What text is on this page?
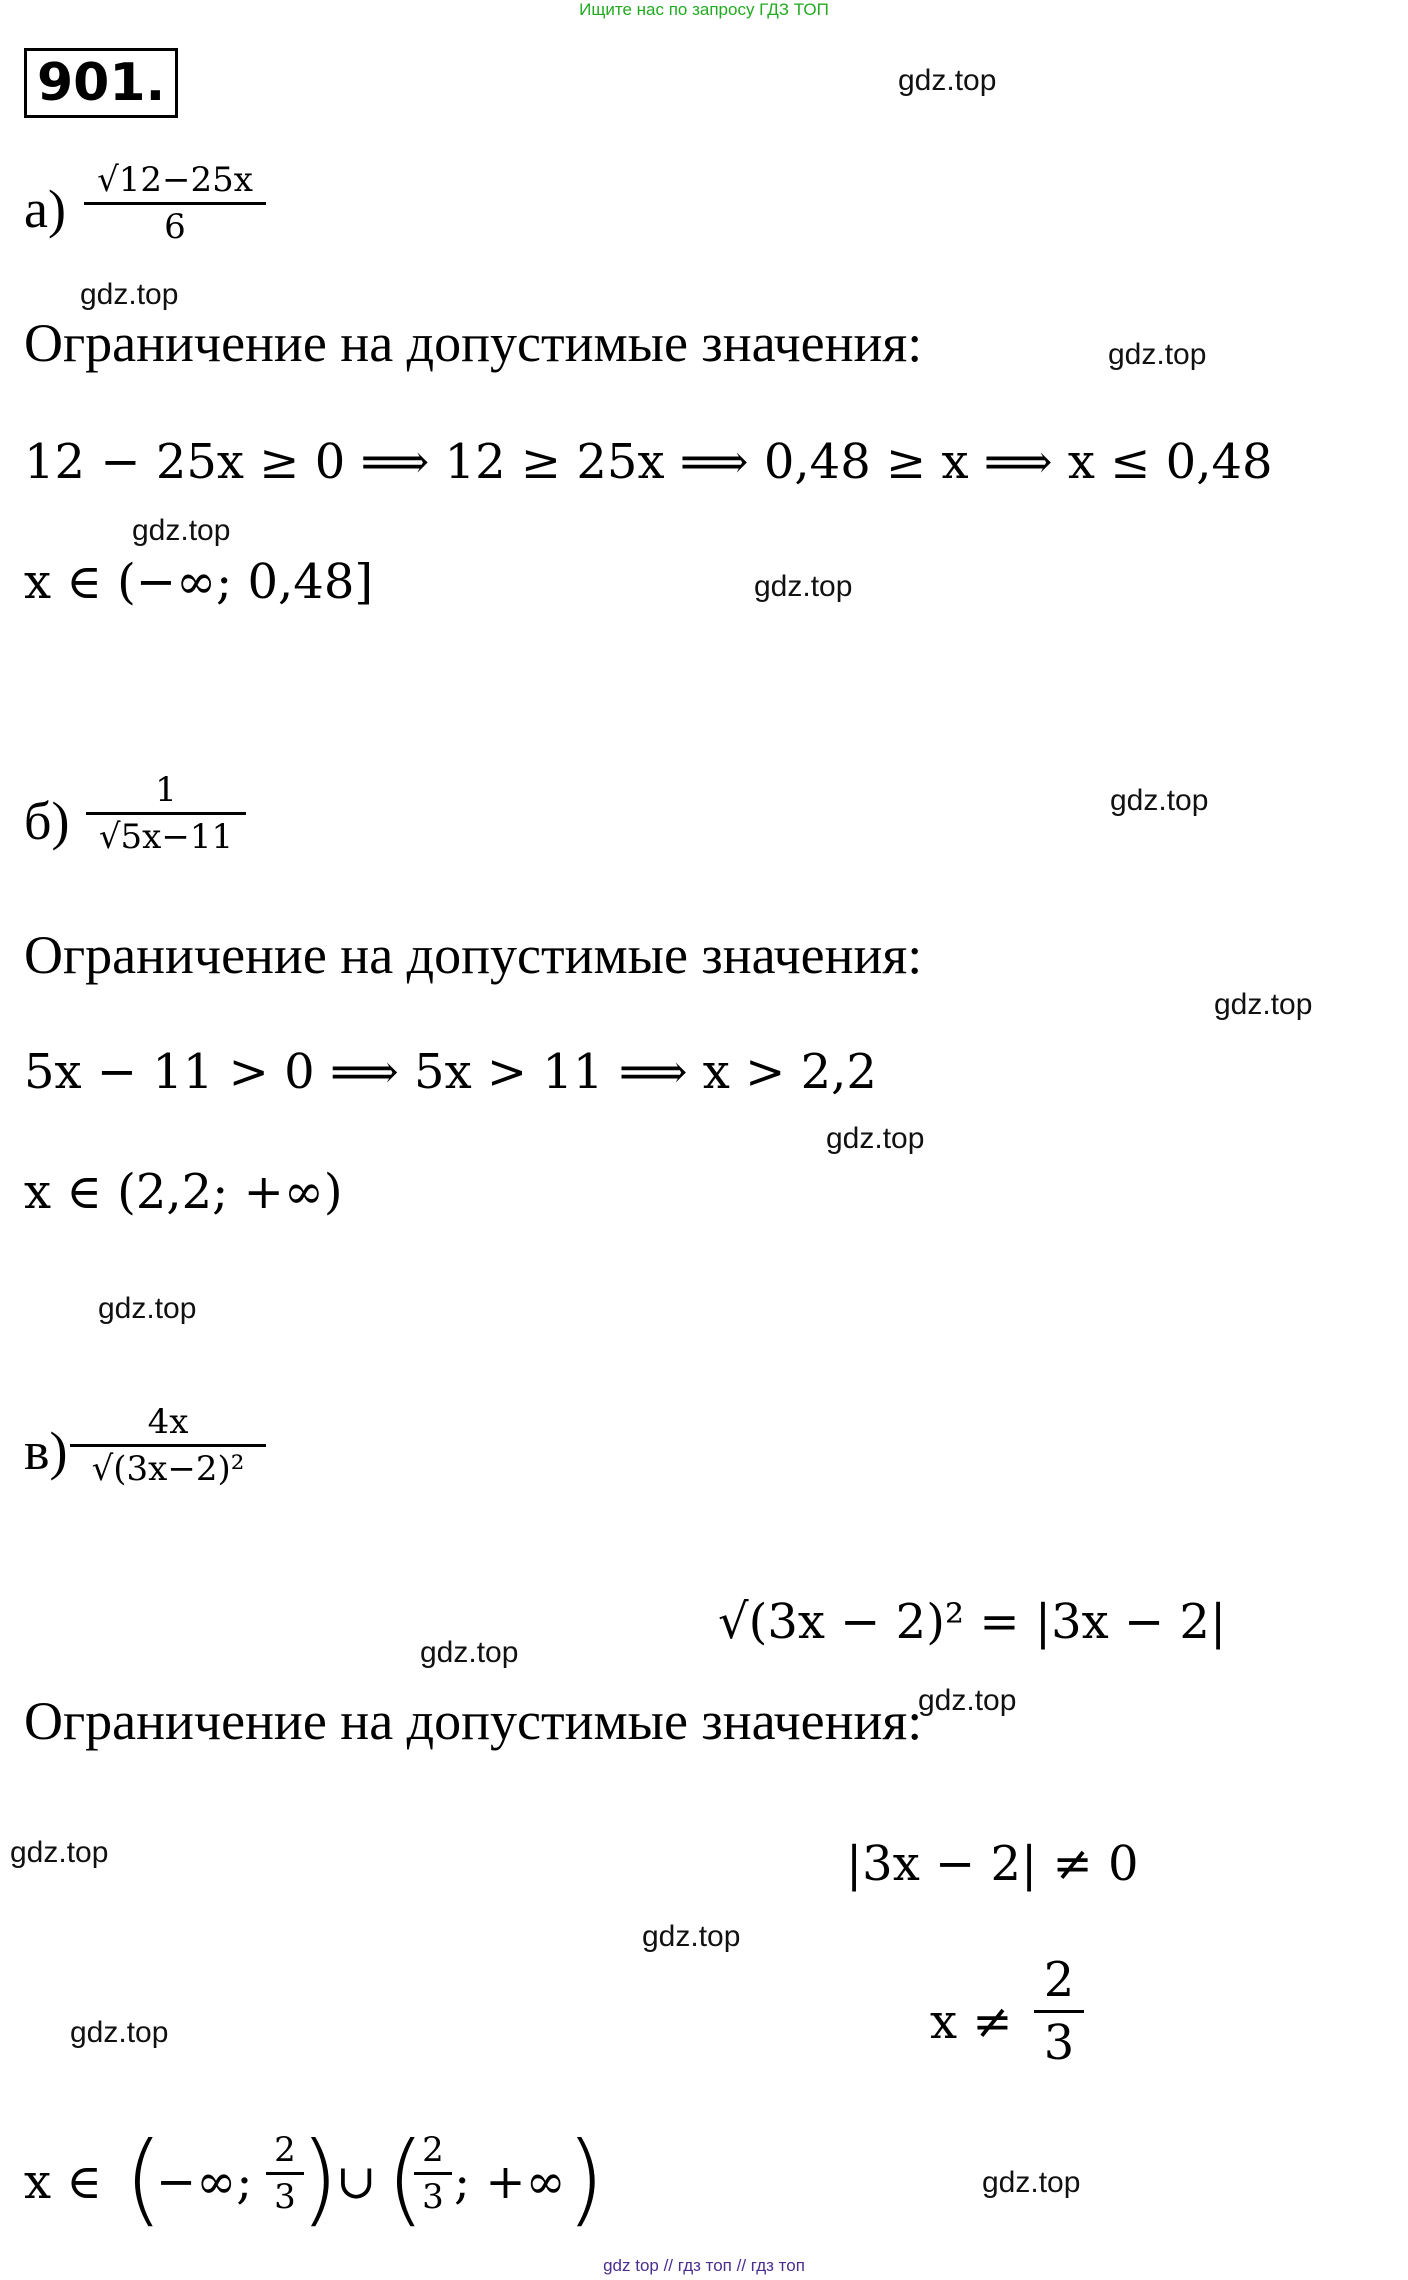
Ищите нас по запросу ГДЗ ТОП
901.	gdz.top
gdz.top
gdz.top
gdz.top
gdz.top
gdz.top
gdz.top
gdz.top
gdz.top
gdz.top
gdz.top
gdz.top
gdz.top
gdz.top
gdz.top
а) √12−25x
6
Ограничение на допустимые значения:
12 − 25x ≥ 0 ⟹ 12 ≥ 25x ⟹ 0,48 ≥ x ⟹ x ≤ 0,48
x ∈ (−∞; 0,48]
б)
1
√5x−11
Ограничение на допустимые значения:
5x − 11 > 0 ⟹ 5x > 11 ⟹ x > 2,2
x ∈ (2,2; +∞)
в)	4x
√(3x−2)²
√(3x − 2)² = |3x − 2|
Ограничение на допустимые значения:
|3x − 2| ≠ 0
x ≠
2
3
x ∈ (
−∞;
2
3 )
∪ (
2
3 ; +∞ )
gdz top // гдз топ // гдз топ
